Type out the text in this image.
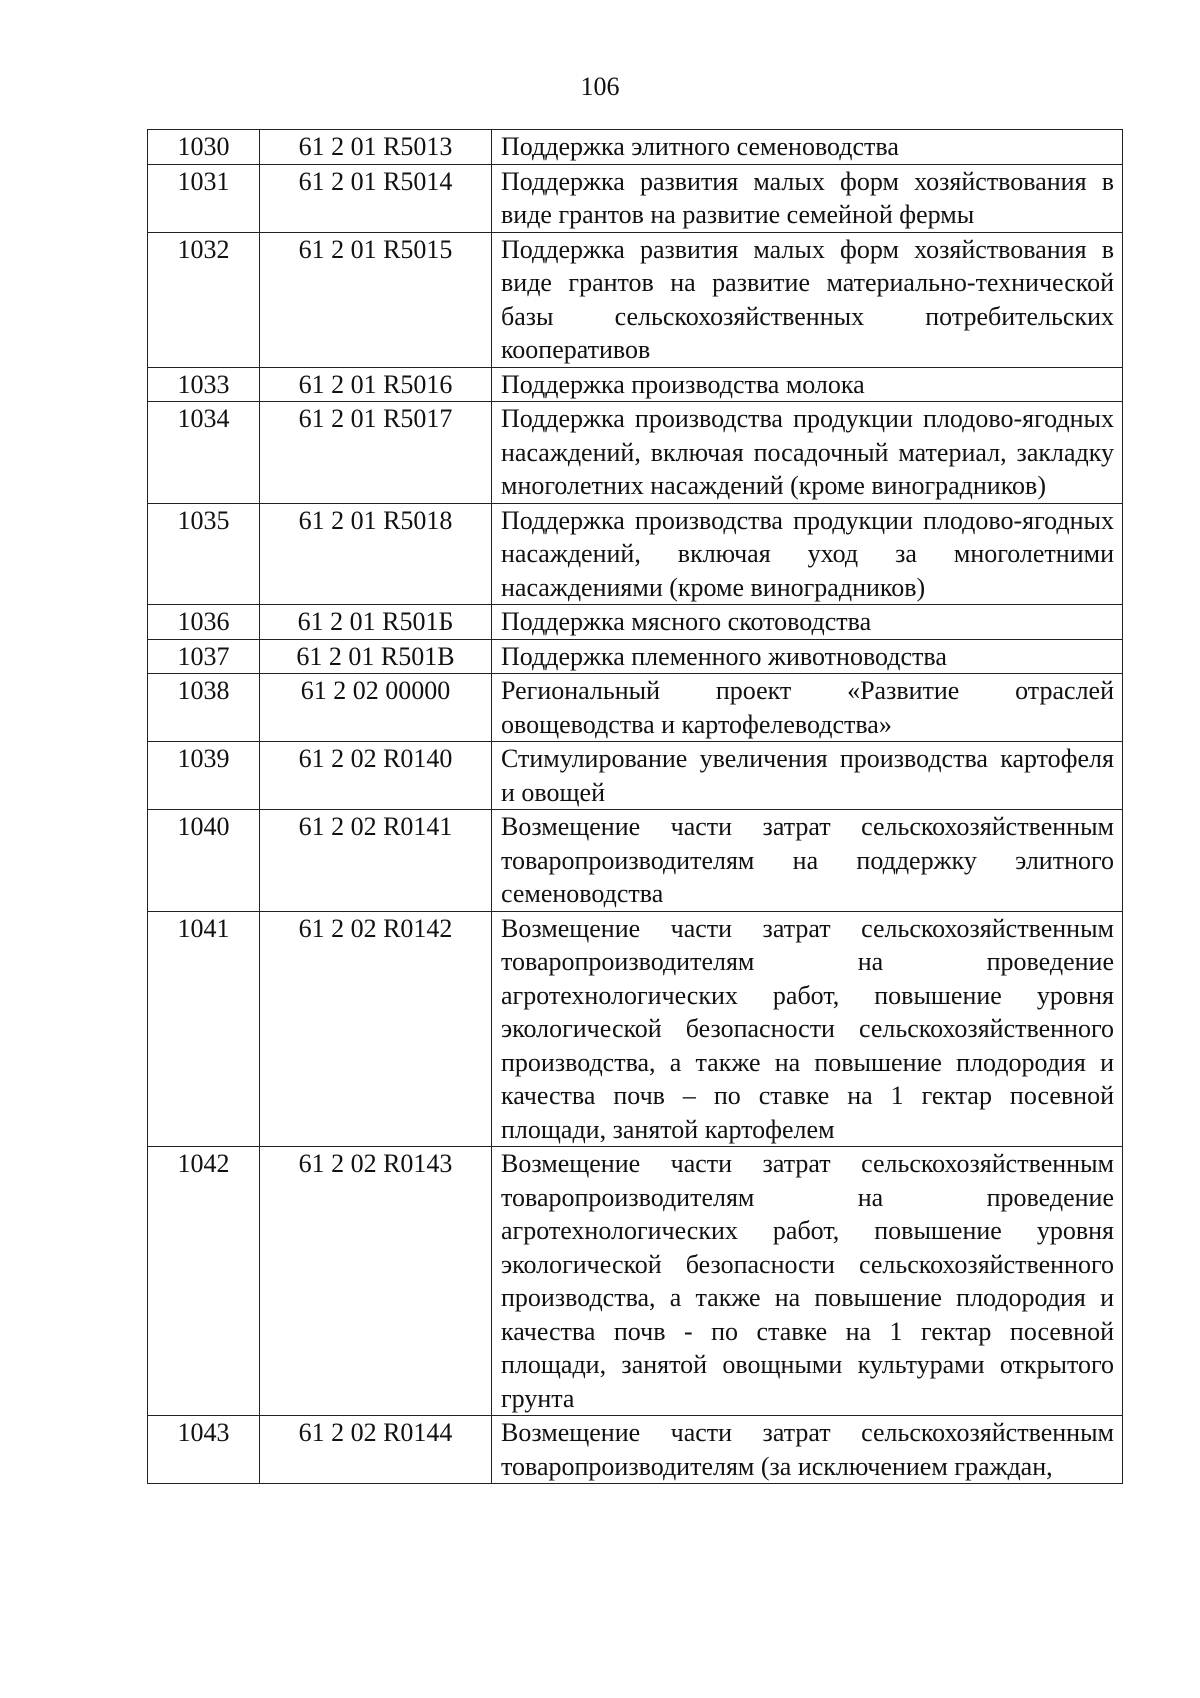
106
1030	61 2 01 R5013	Поддержка элитного семеноводства
1031	61 2 01 R5014	Поддержка развития малых форм хозяйствования в виде грантов на развитие семейной фермы
1032	61 2 01 R5015	Поддержка развития малых форм хозяйствования в виде грантов на развитие материально-технической базы сельскохозяйственных потребительских кооперативов
1033	61 2 01 R5016	Поддержка производства молока
1034	61 2 01 R5017	Поддержка производства продукции плодово-ягодных насаждений, включая посадочный материал, закладку многолетних насаждений (кроме виноградников)
1035	61 2 01 R5018	Поддержка производства продукции плодово-ягодных насаждений, включая уход за многолетними насаждениями (кроме виноградников)
1036	61 2 01 R501Б	Поддержка мясного скотоводства
1037	61 2 01 R501В	Поддержка племенного животноводства
1038	61 2 02 00000	Региональный проект «Развитие отраслей овощеводства и картофелеводства»
1039	61 2 02 R0140	Стимулирование увеличения производства картофеля и овощей
1040	61 2 02 R0141	Возмещение части затрат сельскохозяйственным товаропроизводителям на поддержку элитного семеноводства
1041	61 2 02 R0142	Возмещение части затрат сельскохозяйственным товаропроизводителям на проведение агротехнологических работ, повышение уровня экологической безопасности сельскохозяйственного производства, а также на повышение плодородия и качества почв – по ставке на 1 гектар посевной площади, занятой картофелем
1042	61 2 02 R0143	Возмещение части затрат сельскохозяйственным товаропроизводителям на проведение агротехнологических работ, повышение уровня экологической безопасности сельскохозяйственного производства, а также на повышение плодородия и качества почв - по ставке на 1 гектар посевной площади, занятой овощными культурами открытого грунта
1043	61 2 02 R0144	Возмещение части затрат сельскохозяйственным товаропроизводителям (за исключением граждан,
